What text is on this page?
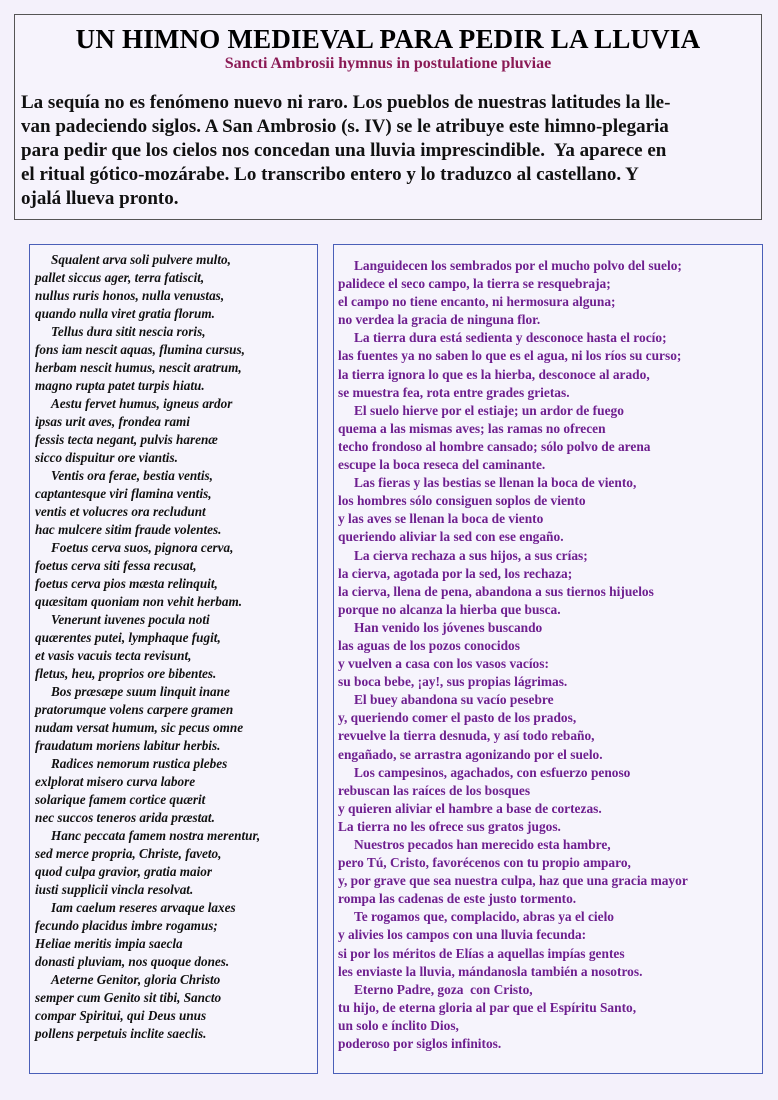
UN HIMNO MEDIEVAL PARA PEDIR LA LLUVIA
Sancti Ambrosii hymnus in postulatione pluviae

La sequía no es fenómeno nuevo ni raro. Los pueblos de nuestras latitudes la lle-

van padeciendo siglos. A San Ambrosio (s. IV) se le atribuye este himno-plegaria

para pedir que los cielos nos concedan una lluvia imprescindible.  Ya aparece en

el ritual gótico-mozárabe. Lo transcribo entero y lo traduzco al castellano. Y

ojalá llueva pronto.

Squalent arva soli pulvere multo,
pallet siccus ager, terra fatiscit,
nullus ruris honos, nulla venustas,
quando nulla viret gratia florum.
Tellus dura sitit nescia roris,
fons iam nescit aquas, flumina cursus,
herbam nescit humus, nescit aratrum,
magno rupta patet turpis hiatu.
Aestu fervet humus, igneus ardor
ipsas urit aves, frondea rami
fessis tecta negant, pulvis harenæ
sicco dispuitur ore viantis.
Ventis ora ferae, bestia ventis,
captantesque viri flamina ventis,
ventis et volucres ora recludunt
hac mulcere sitim fraude volentes.
Foetus cerva suos, pignora cerva,
foetus cerva siti fessa recusat,
foetus cerva pios mæsta relinquit,
quæsitam quoniam non vehit herbam.
Venerunt iuvenes pocula noti
quærentes putei, lymphaque fugit,
et vasis vacuis tecta revisunt,
fletus, heu, proprios ore bibentes.
Bos præsæpe suum linquit inane
pratorumque volens carpere gramen
nudam versat humum, sic pecus omne
fraudatum moriens labitur herbis.
Radices nemorum rustica plebes
exlplorat misero curva labore
solarique famem cortice quærit
nec succos teneros arida præstat.
Hanc peccata famem nostra merentur,
sed merce propria, Christe, faveto,
quod culpa gravior, gratia maior
iusti supplicii vincla resolvat.
Iam caelum reseres arvaque laxes
fecundo placidus imbre rogamus;
Heliae meritis impia saecla
donasti pluviam, nos quoque dones.
Aeterne Genitor, gloria Christo
semper cum Genito sit tibi, Sancto
compar Spiritui, qui Deus unus
pollens perpetuis inclite saeclis.
Languidecen los sembrados por el mucho polvo del suelo;
palidece el seco campo, la tierra se resquebraja;
el campo no tiene encanto, ni hermosura alguna;
no verdea la gracia de ninguna flor.
La tierra dura está sedienta y desconoce hasta el rocío;
las fuentes ya no saben lo que es el agua, ni los ríos su curso;
la tierra ignora lo que es la hierba, desconoce al arado,
se muestra fea, rota entre grades grietas.
El suelo hierve por el estiaje; un ardor de fuego
quema a las mismas aves; las ramas no ofrecen
techo frondoso al hombre cansado; sólo polvo de arena
escupe la boca reseca del caminante.
Las fieras y las bestias se llenan la boca de viento,
los hombres sólo consiguen soplos de viento
y las aves se llenan la boca de viento
queriendo aliviar la sed con ese engaño.
La cierva rechaza a sus hijos, a sus crías;
la cierva, agotada por la sed, los rechaza;
la cierva, llena de pena, abandona a sus tiernos hijuelos
porque no alcanza la hierba que busca.
Han venido los jóvenes buscando
las aguas de los pozos conocidos
y vuelven a casa con los vasos vacíos:
su boca bebe, ¡ay!, sus propias lágrimas.
El buey abandona su vacío pesebre
y, queriendo comer el pasto de los prados,
revuelve la tierra desnuda, y así todo rebaño,
engañado, se arrastra agonizando por el suelo.
Los campesinos, agachados, con esfuerzo penoso
rebuscan las raíces de los bosques
y quieren aliviar el hambre a base de cortezas.
La tierra no les ofrece sus gratos jugos.
Nuestros pecados han merecido esta hambre,
pero Tú, Cristo, favorécenos con tu propio amparo,
y, por grave que sea nuestra culpa, haz que una gracia mayor
rompa las cadenas de este justo tormento.
Te rogamos que, complacido, abras ya el cielo
y alivies los campos con una lluvia fecunda:
si por los méritos de Elías a aquellas impías gentes
les enviaste la lluvia, mándanosla también a nosotros.
Eterno Padre, goza  con Cristo,
tu hijo, de eterna gloria al par que el Espíritu Santo,
un solo e ínclito Dios,
poderoso por siglos infinitos.
